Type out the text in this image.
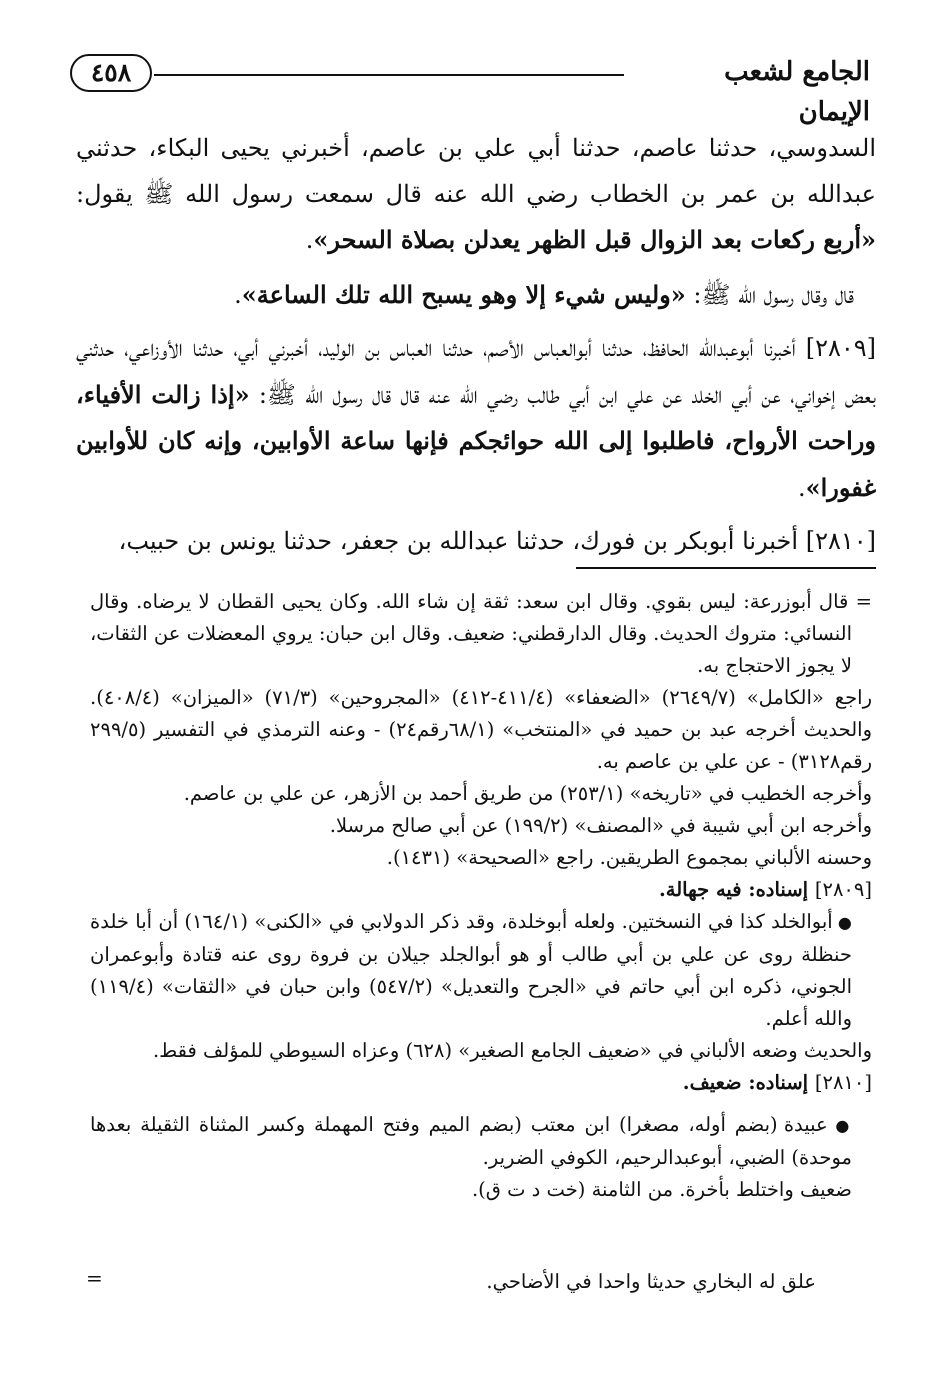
٤٥٨	الجامع لشعب الإيمان

السدوسي، حدثنا عاصم، حدثنا أبي علي بن عاصم، أخبرني يحيى البكاء، حدثني عبدالله بن عمر بن الخطاب رضي الله عنه قال سمعت رسول الله ﷺ يقول: «أربع ركعات بعد الزوال قبل الظهر يعدلن بصلاة السحر».

قال وقال رسول الله ﷺ: «وليس شيء إلا وهو يسبح الله تلك الساعة».

[٢٨٠٩] أخبرنا أبوعبدالله الحافظ، حدثنا أبوالعباس الأصم، حدثنا العباس بن الوليد، أخبرني أبي، حدثنا الأوزاعي، حدثني بعض إخواني، عن أبي الخلد عن علي ابن أبي طالب رضي الله عنه قال قال رسول الله ﷺ: «إذا زالت الأفياء، وراحت الأرواح، فاطلبوا إلى الله حوائجكم فإنها ساعة الأوابين، وإنه كان للأوابين غفورا».

[٢٨١٠] أخبرنا أبوبكر بن فورك، حدثنا عبدالله بن جعفر، حدثنا يونس بن حبيب،

= قال أبوزرعة: ليس بقوي. وقال ابن سعد: ثقة إن شاء الله. وكان يحيى القطان لا يرضاه. وقال النسائي: متروك الحديث. وقال الدارقطني: ضعيف. وقال ابن حبان: يروي المعضلات عن الثقات، لا يجوز الاحتجاج به.

راجع «الكامل» (٢٦٤٩/٧) «الضعفاء» (٤١١/٤-٤١٢) «المجروحين» (٧١/٣) «الميزان» (٤٠٨/٤). والحديث أخرجه عبد بن حميد في «المنتخب» (٦٨/١رقم٢٤) - وعنه الترمذي في التفسير (٢٩٩/٥ رقم٣١٢٨) - عن علي بن عاصم به.

وأخرجه الخطيب في «تاريخه» (٢٥٣/١) من طريق أحمد بن الأزهر، عن علي بن عاصم.

وأخرجه ابن أبي شيبة في «المصنف» (١٩٩/٢) عن أبي صالح مرسلا.

وحسنه الألباني بمجموع الطريقين. راجع «الصحيحة» (١٤٣١).

[٢٨٠٩] إسناده: فيه جهالة.

● أبوالخلد كذا في النسختين. ولعله أبوخلدة، وقد ذكر الدولابي في «الكنى» (١٦٤/١) أن أبا خلدة حنظلة روى عن علي بن أبي طالب أو هو أبوالجلد جيلان بن فروة روى عنه قتادة وأبوعمران الجوني، ذكره ابن أبي حاتم في «الجرح والتعديل» (٥٤٧/٢) وابن حبان في «الثقات» (١١٩/٤) والله أعلم.

والحديث وضعه الألباني في «ضعيف الجامع الصغير» (٦٢٨) وعزاه السيوطي للمؤلف فقط.

[٢٨١٠] إسناده: ضعيف.

● عبيدة (بضم أوله، مصغرا) ابن معتب (بضم الميم وفتح المهملة وكسر المثناة الثقيلة بعدها موحدة) الضبي، أبوعبدالرحيم، الكوفي الضرير.

ضعيف واختلط بأخرة. من الثامنة (خت د ت ق).

علق له البخاري حديثا واحدا في الأضاحي.
=
